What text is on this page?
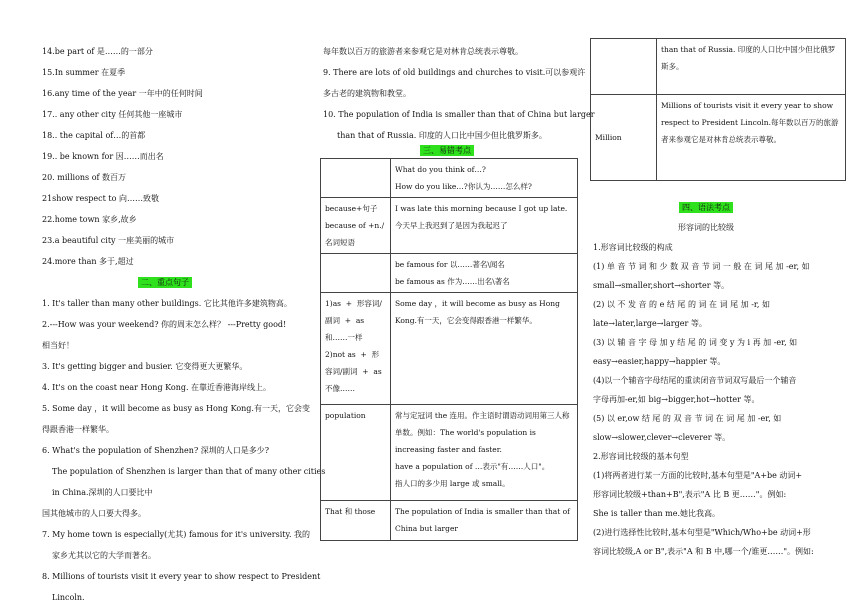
14.be part of 是……的一部分
15.In summer 在夏季
16.any time of the year 一年中的任何时间
17.. any other city 任何其他一座城市
18.. the capital of…的首都
19.. be known for 因……而出名
20. millions of 数百万
21show respect to 向……致敬
22.home town 家乡,故乡
23.a beautiful city 一座美丽的城市
24.more than 多于,超过
二、重点句子
1. It's taller than many other buildings. 它比其他许多建筑物高。
2.---How was your weekend? 你的周末怎么样？ ---Pretty good!
相当好！
3. It's getting bigger and busier. 它变得更大更繁华。
4. It's on the coast near Hong Kong. 在靠近香港海岸线上。
5. Some day ，it will become as busy as Hong Kong.有一天，它会变
得跟香港一样繁华。
6. What's the population of Shenzhen? 深圳的人口是多少?
The population of Shenzhen is larger than that of many other cities
in China.深圳的人口要比中
国其他城市的人口要大得多。
7. My home town is especially(尤其) famous for it's university. 我的
家乡尤其以它的大学而著名。
8. Millions of tourists visit it every year to show respect to President
Lincoln.
每年数以百万的旅游者来参观它是对林肯总统表示尊敬。
9. There are lots of old buildings and churches to visit.可以参观许
多古老的建筑物和教堂。
10. The population of India is smaller than that of China but larger
than that of Russia. 印度的人口比中国少但比俄罗斯多。
三、易错考点

	What do you think of…?
How do you like…?你认为……怎么样?

because+句子
because of +n./名词短语	I was late this morning because I got up late. 今天早上我迟到了是因为我起迟了

	be famous for 以……著名\闻名
be famous as 作为……出名\著名

1)as  +  形容词/副词  +  as  和……一样
2)not as  +  形容词/副词  +  as  不像……	Some day ，it will become as busy as Hong Kong.有一天，它会变得跟香港一样繁华。
population	常与定冠词 the 连用。作主语时谓语动词用第三人称单数。例如：The world's population is increasing faster and faster.
have a population of …表示"有……人口"。
指人口的多少用 large 或 small。

That 和 those	The population of India is smaller than that of China but larger
	than that of Russia. 印度的人口比中国少但比俄罗斯多。
Million	Millions of tourists visit it every year to show respect to President Lincoln.每年数以百万的旅游者来参观它是对林肯总统表示尊敬。
四、语法考点
形容词的比较级
1.形容词比较级的构成
(1) 单 音 节 词 和 少 数 双 音 节 词 一 般 在 词 尾 加 -er, 如
small→smaller,short→shorter 等。
(2) 以 不 发 音 的 e 结 尾 的 词 在 词 尾 加 -r, 如
late→later,large→larger 等。
(3) 以 辅 音 字 母 加 y 结 尾 的 词 变 y 为 i 再 加 -er, 如
easy→easier,happy→happier 等。
(4)以一个辅音字母结尾的重读闭音节词双写最后一个辅音
字母再加-er,如 big→bigger,hot→hotter 等。
(5) 以 er,ow 结 尾 的 双 音 节 词 在 词 尾 加 -er, 如
slow→slower,clever→cleverer 等。
2.形容词比较级的基本句型
(1)将两者进行某一方面的比较时,基本句型是"A+be 动词+
形容词比较级+than+B",表示"A 比 B 更……"。例如:
She is taller than me.她比我高。
(2)进行选择性比较时,基本句型是"Which/Who+be 动词+形
容词比较级,A or B",表示"A 和 B 中,哪一个/谁更……"。例如:
